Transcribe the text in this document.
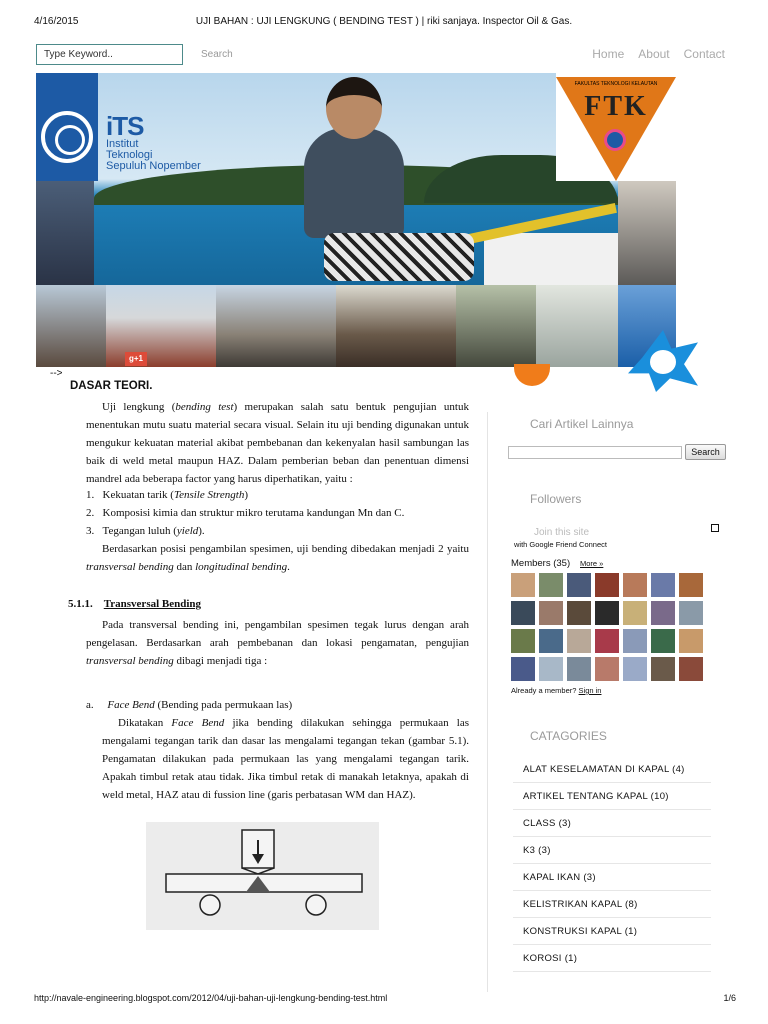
4/16/2015	UJI BAHAN : UJI LENGKUNG ( BENDING TEST ) | riki sanjaya. Inspector Oil & Gas.
Type Keyword..	Search	Home About Contact
iTS
Institut
Teknologi
Sepuluh Nopember
FAKULTAS TEKNOLOGI KELAUTAN
FTK
g+1
-->
DASAR TEORI.
Uji lengkung (bending test) merupakan salah satu bentuk pengujian untuk menentukan mutu suatu material secara visual. Selain itu uji bending digunakan untuk mengukur kekuatan material akibat pembebanan dan kekenyalan hasil sambungan las baik di weld metal maupun HAZ. Dalam pemberian beban dan penentuan dimensi mandrel ada beberapa factor yang harus diperhatikan, yaitu :
1. Kekuatan tarik (Tensile Strength)
2. Komposisi kimia dan struktur mikro terutama kandungan Mn dan C.
3. Tegangan luluh (yield).
Berdasarkan posisi pengambilan spesimen, uji bending dibedakan menjadi 2 yaitu transversal bending dan longitudinal bending.
5.1.1. Transversal Bending
Pada transversal bending ini, pengambilan spesimen tegak lurus dengan arah pengelasan. Berdasarkan arah pembebanan dan lokasi pengamatan, pengujian transversal bending dibagi menjadi tiga :
a. Face Bend (Bending pada permukaan las)
Dikatakan Face Bend jika bending dilakukan sehingga permukaan las mengalami tegangan tarik dan dasar las mengalami tegangan tekan (gambar 5.1). Pengamatan dilakukan pada permukaan las yang mengalami tegangan tarik. Apakah timbul retak atau tidak. Jika timbul retak di manakah letaknya, apakah di weld metal, HAZ atau di fussion line (garis perbatasan WM dan HAZ).
Cari Artikel Lainnya
Search
Followers
Join this site
with Google Friend Connect
Members (35) More »
Already a member? Sign in
CATAGORIES
ALAT KESELAMATAN DI KAPAL (4)
ARTIKEL TENTANG KAPAL (10)
CLASS (3)
K3 (3)
KAPAL IKAN (3)
KELISTRIKAN KAPAL (8)
KONSTRUKSI KAPAL (1)
KOROSI (1)
http://navale-engineering.blogspot.com/2012/04/uji-bahan-uji-lengkung-bending-test.html	1/6
